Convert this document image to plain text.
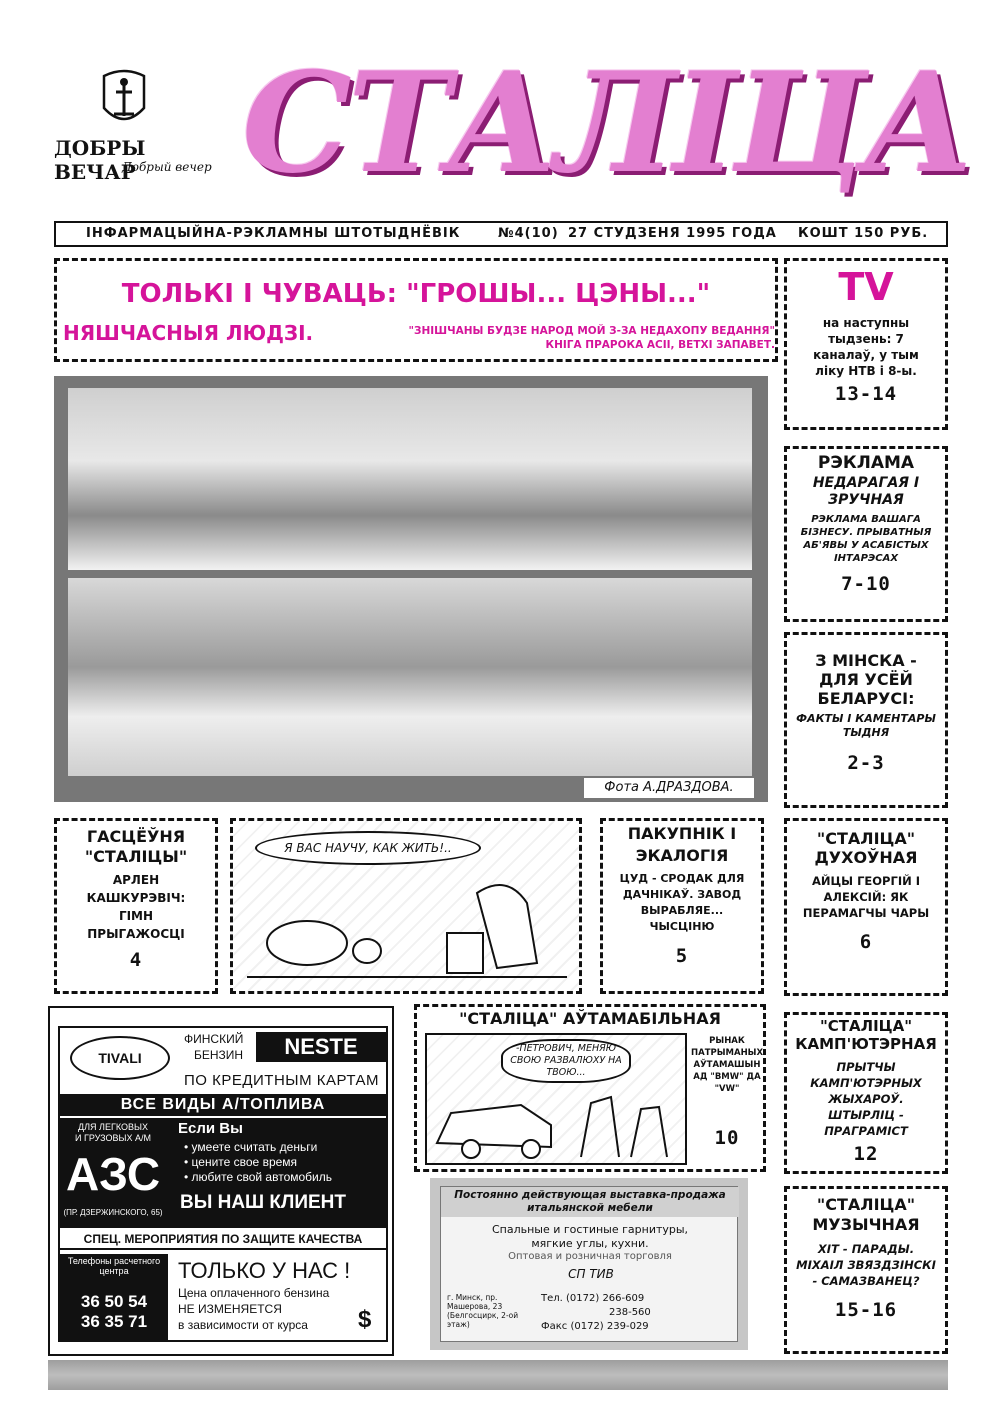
ДОБРЫ ВЕЧАР
Добрый вечер СТАЛІЦА
ІНФАРМАЦЫЙНА-РЭКЛАМНЫ ШТОТЫДНЁВІК	№4(10) 27 СТУДЗЕНЯ 1995 ГОДА КОШТ 150 РУБ.
ТОЛЬКІ І ЧУВАЦЬ: "ГРОШЫ... ЦЭНЫ..."
НЯШЧАСНЫЯ ЛЮДЗІ.	"ЗНІШЧАНЫ БУДЗЕ НАРОД МОЙ З-ЗА НЕДАХОПУ ВЕДАННЯ"
КНІГА ПРАРОКА АСІІ, ВЕТХІ ЗАПАВЕТ.
Фота А.ДРАЗДОВА.
TV
на наступны тыдзень: 7 каналаў, у тым ліку НТВ і 8-ы.
13-14
РЭКЛАМА
НЕДАРАГАЯ І ЗРУЧНАЯ
РЭКЛАМА ВАШАГА БІЗНЕСУ. ПРЫВАТНЫЯ АБ'ЯВЫ У АСАБІСТЫХ ІНТАРЭСАХ
7-10
З МІНСКА - ДЛЯ УСЁЙ БЕЛАРУСІ:
ФАКТЫ І КАМЕНТАРЫ ТЫДНЯ
2-3
"СТАЛІЦА" ДУХОЎНАЯ
АЙЦЫ ГЕОРГІЙ І АЛЕКСІЙ: ЯК ПЕРАМАГЧЫ ЧАРЫ
6
"СТАЛІЦА" КАМП'ЮТЭРНАЯ
ПРЫТЧЫ КАМП'ЮТЭРНЫХ ЖЫХАРОЎ. ШТЫРЛІЦ - ПРАГРАМІСТ
12
"СТАЛІЦА" МУЗЫЧНАЯ
ХІТ - ПАРАДЫ. МІХАІЛ ЗВЯЗДЗІНСКІ - САМАЗВАНЕЦ?
15-16
ГАСЦЁЎНЯ "СТАЛІЦЫ"
АРЛЕН КАШКУРЭВІЧ: ГІМН ПРЫГАЖОСЦІ
4
Я ВАС НАУЧУ, КАК ЖИТЬ!..
ПАКУПНІК І ЭКАЛОГІЯ
ЦУД - СРОДАК ДЛЯ ДАЧНІКАЎ. ЗАВОД ВЫРАБЛЯЕ... ЧЫСЦІНЮ
5
TIVALI
ФИНСКИЙ
БЕНЗИН	NESTE
ПО КРЕДИТНЫМ КАРТАМ
ВСЕ ВИДЫ А/ТОПЛИВА
ДЛЯ ЛЕГКОВЫХ
И ГРУЗОВЫХ А/М
АЗС
(ПР. ДЗЕРЖИНСКОГО, 65)
Если Вы
• умеете считать деньги
• цените свое время
• любите свой автомобиль
ВЫ НАШ КЛИЕНТ
СПЕЦ. МЕРОПРИЯТИЯ ПО ЗАЩИТЕ КАЧЕСТВА
Телефоны расчетного центра
36 50 54
36 35 71
ТОЛЬКО У НАС !
Цена оплаченного бензина
НЕ ИЗМЕНЯЕТСЯ
в зависимости от курса $
"СТАЛІЦА" АЎТАМАБІЛЬНАЯ
-ПЕТРОВИЧ, МЕНЯЮ СВОЮ РАЗВАЛЮХУ НА ТВОЮ...
РЫНАК ПАТРЫМАНЫХ АЎТАМАШЫН АД "BMW" ДА "VW"
10
Постоянно действующая выставка-продажа итальянской мебели
Спальные и гостиные гарнитуры,
мягкие углы, кухни.
Оптовая и розничная торговля
СП ТИВ
г. Минск, пр. Машерова, 23 (Белгосцирк, 2-ой этаж)
Тел. (0172) 266-609
238-560
Факс (0172) 239-029
